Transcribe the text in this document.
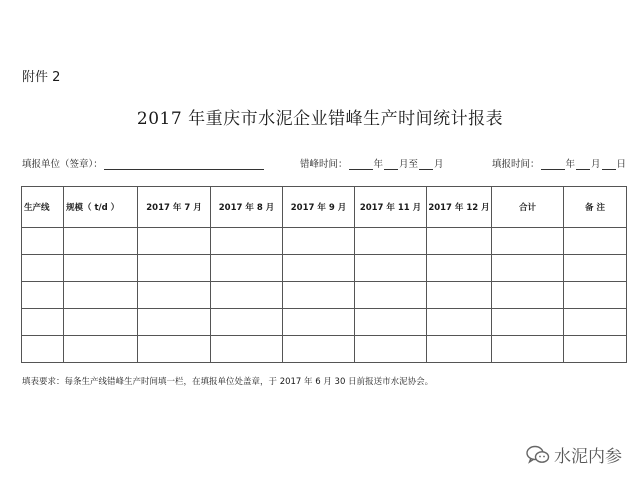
附件 2
2017 年重庆市水泥企业错峰生产时间统计报表
填报单位（签章）：	错峰时间：	年 月至 月	填报时间：	年 月 日
生产线	规模（ t/d ）	2017 年 7 月	2017 年 8 月	2017 年 9 月	2017 年 11 月	2017 年 12 月	合计	备 注

填表要求：每条生产线错峰生产时间填一栏，在填报单位处盖章，于 2017 年 6 月 30 日前报送市水泥协会。
水泥内参
